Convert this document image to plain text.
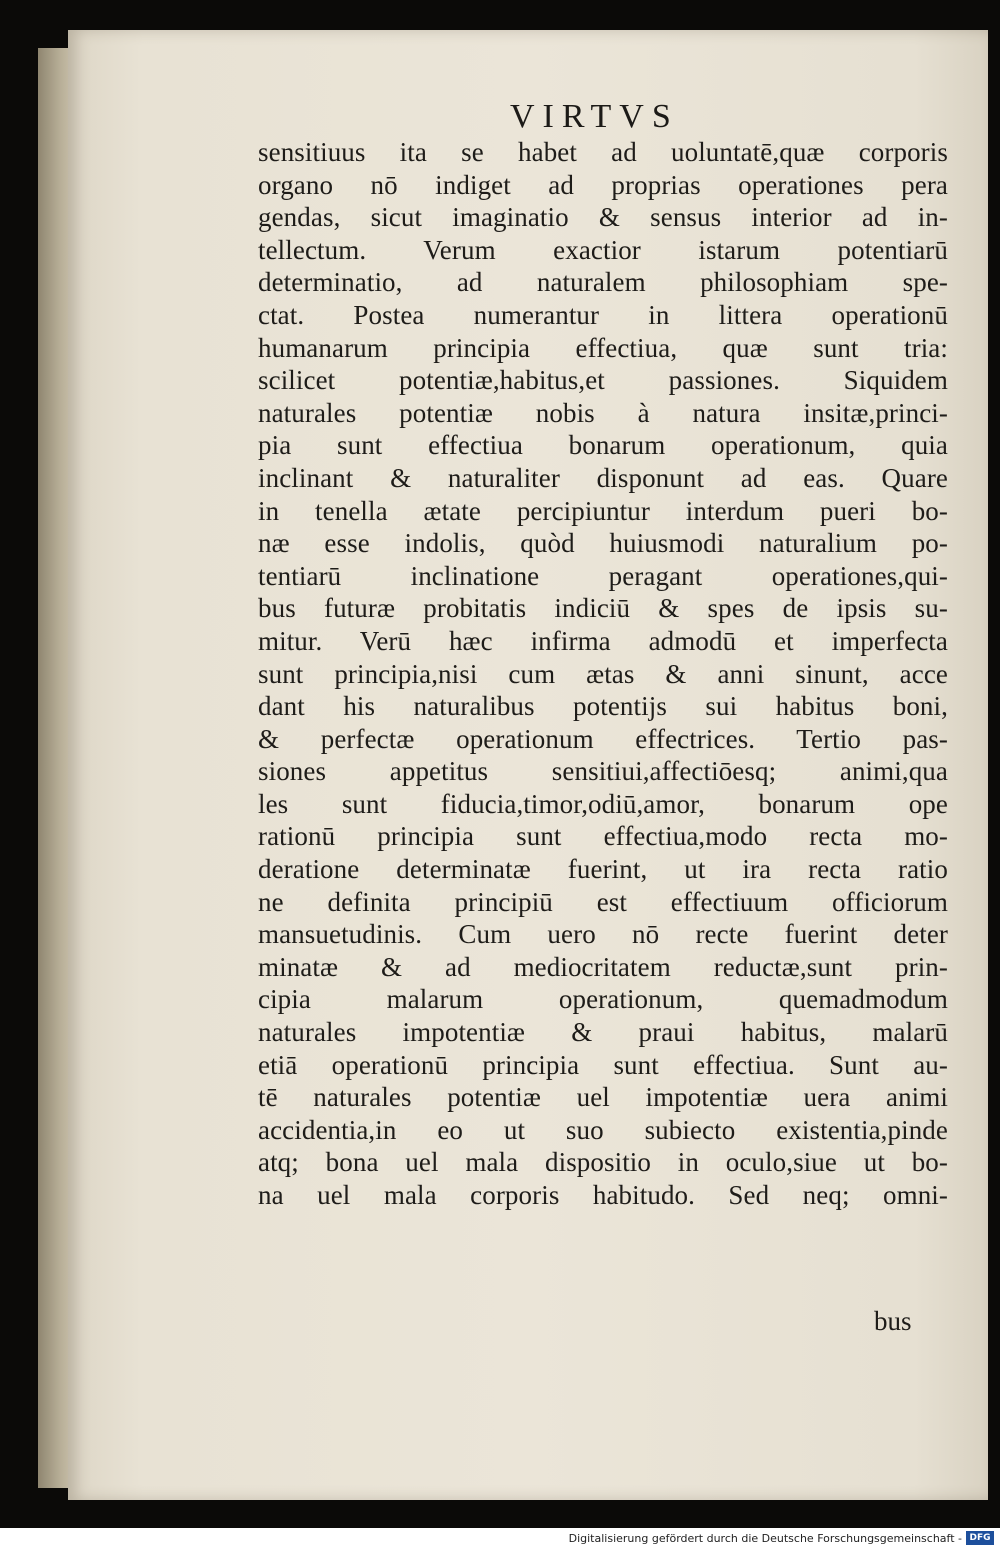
VIRTVS
sensitiuus ita se habet ad uoluntatē,quæ corporis
organo nō indiget ad proprias operationes pera
gendas, sicut imaginatio & sensus interior ad in-
tellectum. Verum exactior istarum potentiarū
determinatio, ad naturalem philosophiam spe-
ctat. Postea numerantur in littera operationū
humanarum principia effectiua, quæ sunt tria:
scilicet potentiæ,habitus,et passiones. Siquidem
naturales potentiæ nobis à natura insitæ,princi-
pia sunt effectiua bonarum operationum, quia
inclinant & naturaliter disponunt ad eas. Quare
in tenella ætate percipiuntur interdum pueri bo-
næ esse indolis, quòd huiusmodi naturalium po-
tentiarū inclinatione peragant operationes,qui-
bus futuræ probitatis indiciū & spes de ipsis su-
mitur. Verū hæc infirma admodū et imperfecta
sunt principia,nisi cum ætas & anni sinunt, acce
dant his naturalibus potentijs sui habitus boni,
& perfectæ operationum effectrices. Tertio pas-
siones appetitus sensitiui,affectiōesq; animi,qua
les sunt fiducia,timor,odiū,amor, bonarum ope
rationū principia sunt effectiua,modo recta mo-
deratione determinatæ fuerint, ut ira recta ratio
ne definita principiū est effectiuum officiorum
mansuetudinis. Cum uero nō recte fuerint deter
minatæ & ad mediocritatem reductæ,sunt prin-
cipia malarum operationum, quemadmodum
naturales impotentiæ & praui habitus, malarū
etiā operationū principia sunt effectiua. Sunt au-
tē naturales potentiæ uel impotentiæ uera animi
accidentia,in eo ut suo subiecto existentia,pinde
atq; bona uel mala dispositio in oculo,siue ut bo-
na uel mala corporis habitudo. Sed neq; omni-
bus
Digitalisierung gefördert durch die Deutsche Forschungsgemeinschaft - DFG
